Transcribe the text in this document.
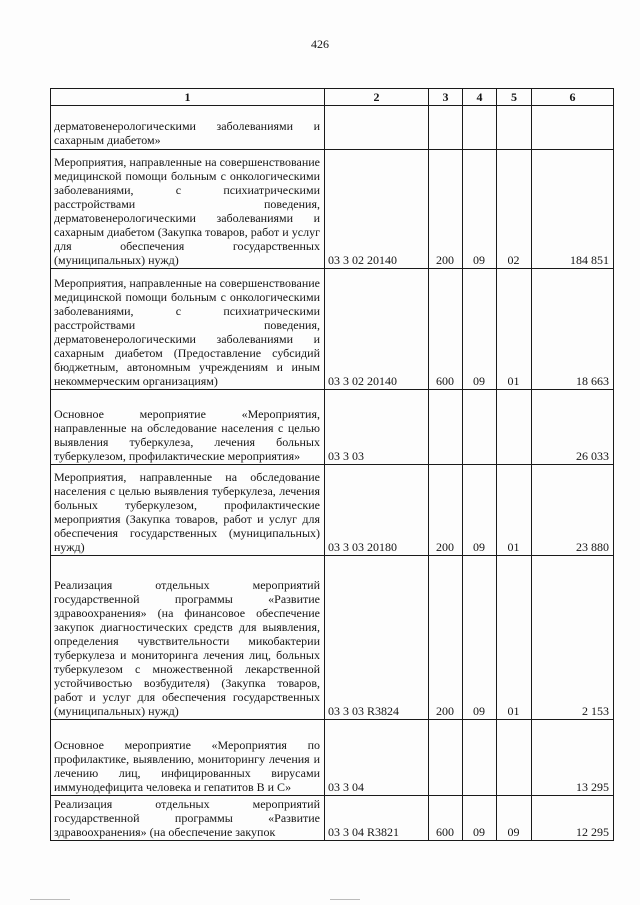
426
1	2	3	4	5	6
дерматовенерологическими заболеваниями и сахарным диабетом»					
Мероприятия, направленные на совершенствование медицинской помощи больным с онкологическими заболеваниями, с психиатрическими расстройствами поведения, дерматовенерологическими заболеваниями и сахарным диабетом (Закупка товаров, работ и услуг для обеспечения государственных (муниципальных) нужд)	03 3 02 20140	200	09	02	184 851
Мероприятия, направленные на совершенствование медицинской помощи больным с онкологическими заболеваниями, с психиатрическими расстройствами поведения, дерматовенерологическими заболеваниями и сахарным диабетом (Предоставление субсидий бюджетным, автономным учреждениям и иным некоммерческим организациям)	03 3 02 20140	600	09	01	18 663
Основное мероприятие «Мероприятия, направленные на обследование населения с целью выявления туберкулеза, лечения больных туберкулезом, профилактические мероприятия»	03 3 03				26 033
Мероприятия, направленные на обследование населения с целью выявления туберкулеза, лечения больных туберкулезом, профилактические мероприятия (Закупка товаров, работ и услуг для обеспечения государственных (муниципальных) нужд)	03 3 03 20180	200	09	01	23 880
Реализация отдельных мероприятий государственной программы «Развитие здравоохранения» (на финансовое обеспечение закупок диагностических средств для выявления, определения чувствительности микобактерии туберкулеза и мониторинга лечения лиц, больных туберкулезом с множественной лекарственной устойчивостью возбудителя) (Закупка товаров, работ и услуг для обеспечения государственных (муниципальных) нужд)	03 3 03 R3824	200	09	01	2 153
Основное мероприятие «Мероприятия по профилактике, выявлению, мониторингу лечения и лечению лиц, инфицированных вирусами иммунодефицита человека и гепатитов В и С»	03 3 04				13 295
Реализация отдельных мероприятий государственной программы «Развитие здравоохранения» (на обеспечение закупок	03 3 04 R3821	600	09	09	12 295
